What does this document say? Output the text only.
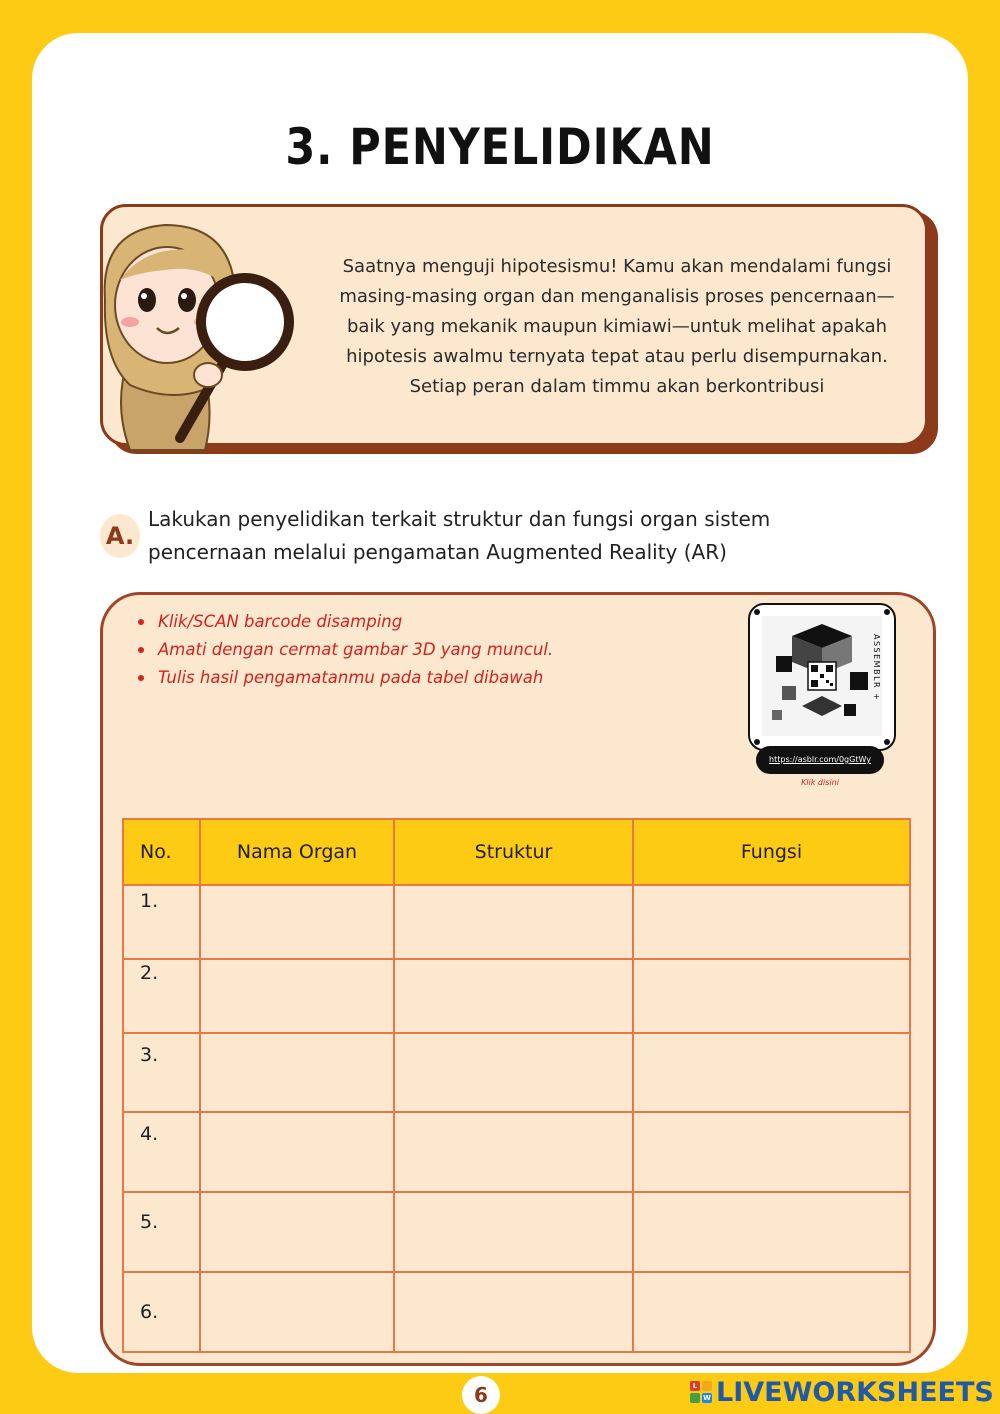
3. PENYELIDIKAN
Saatnya menguji hipotesismu! Kamu akan mendalami fungsi
masing-masing organ dan menganalisis proses pencernaan—
baik yang mekanik maupun kimiawi—untuk melihat apakah
hipotesis awalmu ternyata tepat atau perlu disempurnakan.
Setiap peran dalam timmu akan berkontribusi
A.
Lakukan penyelidikan terkait struktur dan fungsi organ sistem
pencernaan melalui pengamatan Augmented Reality (AR)
Klik/SCAN barcode disamping
Amati dengan cermat gambar 3D yang muncul.
Tulis hasil pengamatanmu pada tabel dibawah	ASSEMBLR +
https://asblr.com/0gGtWy
Klik disini
No.	Nama Organ	Struktur	Fungsi
1.			
2.			
3.			
4.			
5.			
6.			
6	L
W LIVEWORKSHEETS
